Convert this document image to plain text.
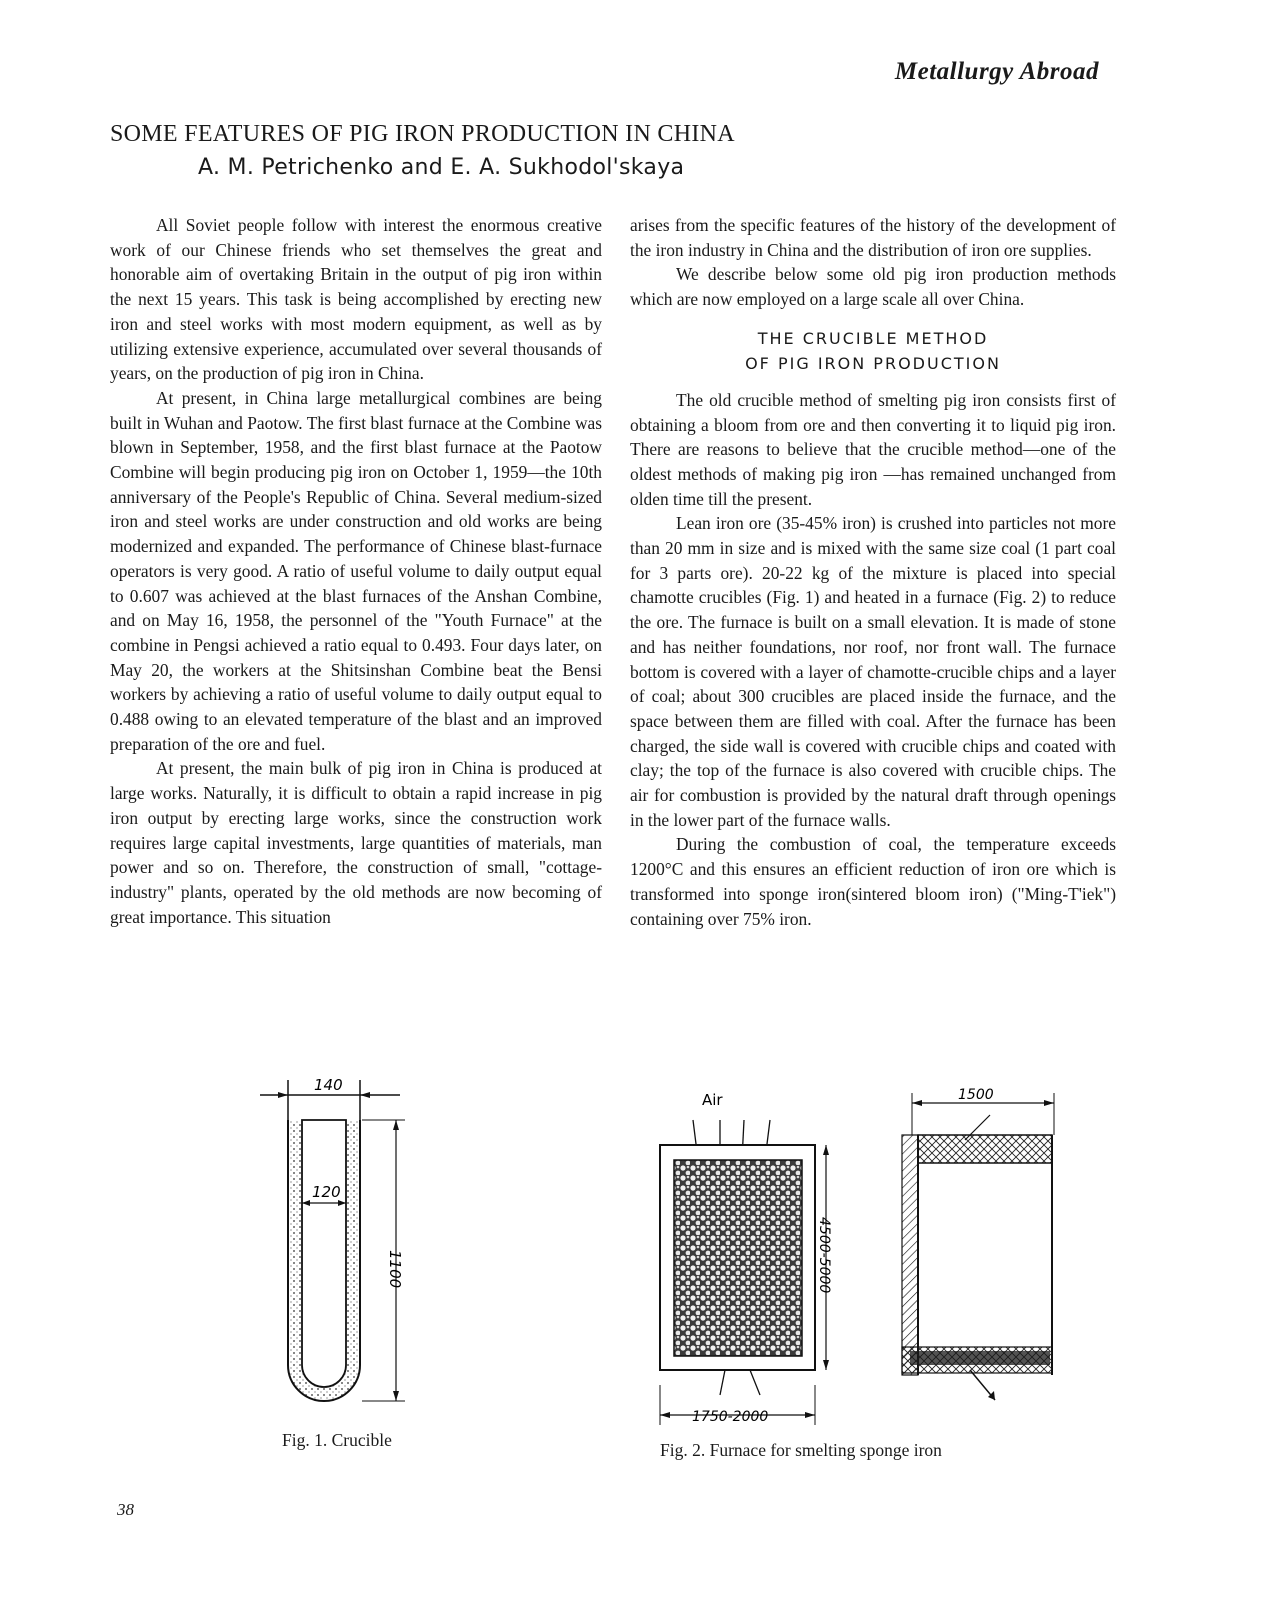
Metallurgy Abroad
SOME FEATURES OF PIG IRON PRODUCTION IN CHINA
A. M. Petrichenko and E. A. Sukhodol'skaya

All Soviet people follow with interest the enormous creative work of our Chinese friends who set themselves the great and honorable aim of overtaking Britain in the output of pig iron within the next 15 years. This task is being accomplished by erecting new iron and steel works with most modern equipment, as well as by utilizing extensive experience, accumulated over several thousands of years, on the production of pig iron in China.

At present, in China large metallurgical combines are being built in Wuhan and Paotow. The first blast furnace at the Combine was blown in September, 1958, and the first blast furnace at the Paotow Combine will begin producing pig iron on October 1, 1959—the 10th anniversary of the People's Republic of China. Several medium-sized iron and steel works are under construction and old works are being modernized and expanded. The performance of Chinese blast-furnace operators is very good. A ratio of useful volume to daily output equal to 0.607 was achieved at the blast furnaces of the Anshan Combine, and on May 16, 1958, the personnel of the "Youth Furnace" at the combine in Pengsi achieved a ratio equal to 0.493. Four days later, on May 20, the workers at the Shitsinshan Combine beat the Bensi workers by achieving a ratio of useful volume to daily output equal to 0.488 owing to an elevated temperature of the blast and an improved preparation of the ore and fuel.

At present, the main bulk of pig iron in China is produced at large works. Naturally, it is difficult to obtain a rapid increase in pig iron output by erecting large works, since the construction work requires large capital investments, large quantities of materials, man power and so on. Therefore, the construction of small, "cottage-industry" plants, operated by the old methods are now becoming of great importance. This situation

arises from the specific features of the history of the development of the iron industry in China and the distribution of iron ore supplies.

We describe below some old pig iron production methods which are now employed on a large scale all over China.

THE CRUCIBLE METHOD
OF PIG IRON PRODUCTION

The old crucible method of smelting pig iron consists first of obtaining a bloom from ore and then converting it to liquid pig iron. There are reasons to believe that the crucible method—one of the oldest methods of making pig iron —has remained unchanged from olden time till the present.

Lean iron ore (35-45% iron) is crushed into particles not more than 20 mm in size and is mixed with the same size coal (1 part coal for 3 parts ore). 20-22 kg of the mixture is placed into special chamotte crucibles (Fig. 1) and heated in a furnace (Fig. 2) to reduce the ore. The furnace is built on a small elevation. It is made of stone and has neither foundations, nor roof, nor front wall. The furnace bottom is covered with a layer of chamotte-crucible chips and a layer of coal; about 300 crucibles are placed inside the furnace, and the space between them are filled with coal. After the furnace has been charged, the side wall is covered with crucible chips and coated with clay; the top of the furnace is also covered with crucible chips. The air for combustion is provided by the natural draft through openings in the lower part of the furnace walls.

During the combustion of coal, the temperature exceeds 1200°C and this ensures an efficient reduction of iron ore which is transformed into sponge iron(sintered bloom iron) ("Ming-T'iek") containing over 75% iron.

140
120
1100
Fig. 1. Crucible
Air
4500-5000
1750-2000
1500
Fig. 2. Furnace for smelting sponge iron
38
